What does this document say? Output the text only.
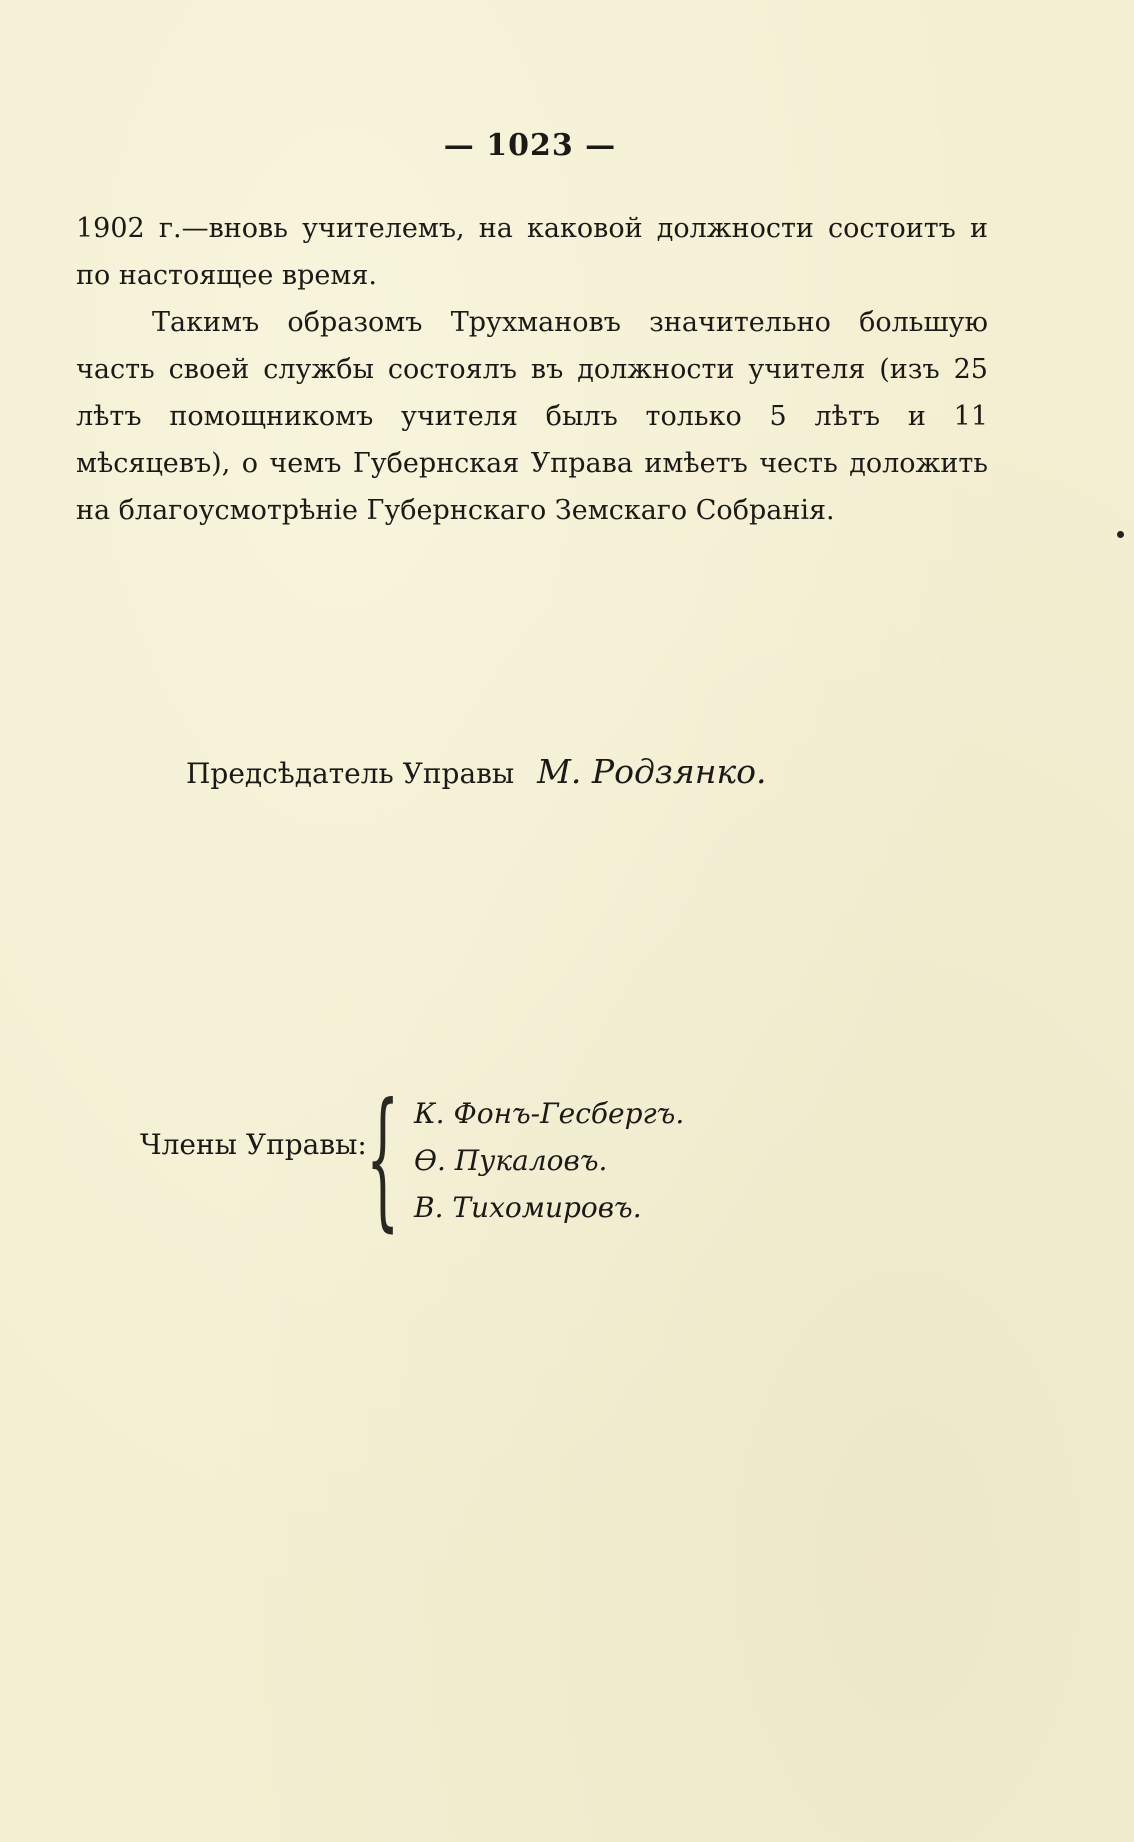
— 1023 —

1902 г.—вновь учителемъ, на каковой должности состоитъ и по настоящее время.

Такимъ образомъ Трухмановъ значительно большую часть своей службы состоялъ въ должности учителя (изъ 25 лѣтъ помощникомъ учителя былъ только 5 лѣтъ и 11 мѣсяцевъ), о чемъ Губернская Управа имѣетъ честь доложить на благоусмотрѣніе Губернскаго Земскаго Собранія.

Предсѣдатель Управы М. Родзянко.
Члены Управы: { К. Фонъ-Гесбергъ.
Ѳ. Пукаловъ.
В. Тихомировъ.
